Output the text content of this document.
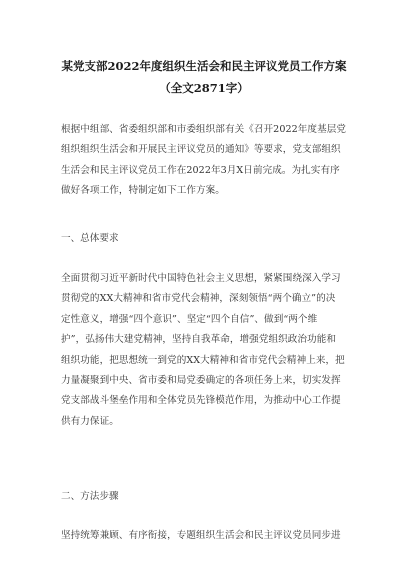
某党支部2022年度组织生活会和民主评议党员工作方案
（全文2871字）
根据中组部、省委组织部和市委组织部有关《召开2022年度基层党
组织组织生活会和开展民主评议党员的通知》等要求，党支部组织
生活会和民主评议党员工作在2022年3月X日前完成。为扎实有序
做好各项工作，特制定如下工作方案。
一、总体要求
全面贯彻习近平新时代中国特色社会主义思想，紧紧围绕深入学习
贯彻党的XX大精神和省市党代会精神，深刻领悟“两个确立”的决
定性意义，增强“四个意识”、坚定“四个自信”、做到“两个维
护”，弘扬伟大建党精神，坚持自我革命，增强党组织政治功能和
组织功能，把思想统一到党的XX大精神和省市党代会精神上来，把
力量凝聚到中央、省市委和局党委确定的各项任务上来，切实发挥
党支部战斗堡垒作用和全体党员先锋模范作用，为推动中心工作提
供有力保证。
二、方法步骤
坚持统筹兼顾、有序衔接，专题组织生活会和民主评议党员同步进
